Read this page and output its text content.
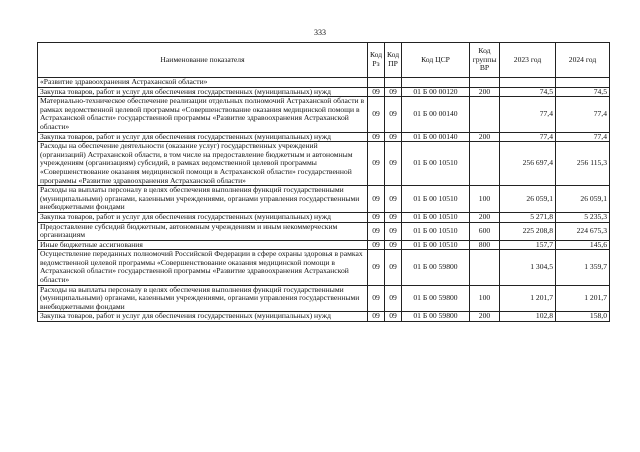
333
Наименование показателя	Код Рз	Код ПР	Код ЦСР	Код группы ВР	2023 год	2024 год
«Развитие здравоохранения Астраханской области»						
Закупка товаров, работ и услуг для обеспечения государственных (муниципальных) нужд	09	09	01 Б 00 00120	200	74,5	74,5
Материально-техническое обеспечение реализации отдельных полномочий Астраханской области в рамках ведомственной целевой программы «Совершенствование оказания медицинской помощи в Астраханской области» государственной программы «Развитие здравоохранения Астраханской области»	09	09	01 Б 00 00140		77,4	77,4
Закупка товаров, работ и услуг для обеспечения государственных (муниципальных) нужд	09	09	01 Б 00 00140	200	77,4	77,4
Расходы на обеспечение деятельности (оказание услуг) государственных учреждений (организаций) Астраханской области, в том числе на предоставление бюджетным и автономным учреждениям (организациям) субсидий, в рамках ведомственной целевой программы «Совершенствование оказания медицинской помощи в Астраханской области» государственной программы «Развитие здравоохранения Астраханской области»	09	09	01 Б 00 10510		256 697,4	256 115,3
Расходы на выплаты персоналу в целях обеспечения выполнения функций государственными (муниципальными) органами, казенными учреждениями, органами управления государственными внебюджетными фондами	09	09	01 Б 00 10510	100	26 059,1	26 059,1
Закупка товаров, работ и услуг для обеспечения государственных (муниципальных) нужд	09	09	01 Б 00 10510	200	5 271,8	5 235,3
Предоставление субсидий бюджетным, автономным учреждениям и иным некоммерческим организациям	09	09	01 Б 00 10510	600	225 208,8	224 675,3
Иные бюджетные ассигнования	09	09	01 Б 00 10510	800	157,7	145,6
Осуществление переданных полномочий Российской Федерации в сфере охраны здоровья в рамках ведомственной целевой программы «Совершенствование оказания медицинской помощи в Астраханской области» государственной программы «Развитие здравоохранения Астраханской области»	09	09	01 Б 00 59800		1 304,5	1 359,7
Расходы на выплаты персоналу в целях обеспечения выполнения функций государственными (муниципальными) органами, казенными учреждениями, органами управления государственными внебюджетными фондами	09	09	01 Б 00 59800	100	1 201,7	1 201,7
Закупка товаров, работ и услуг для обеспечения государственных (муниципальных) нужд	09	09	01 Б 00 59800	200	102,8	158,0
